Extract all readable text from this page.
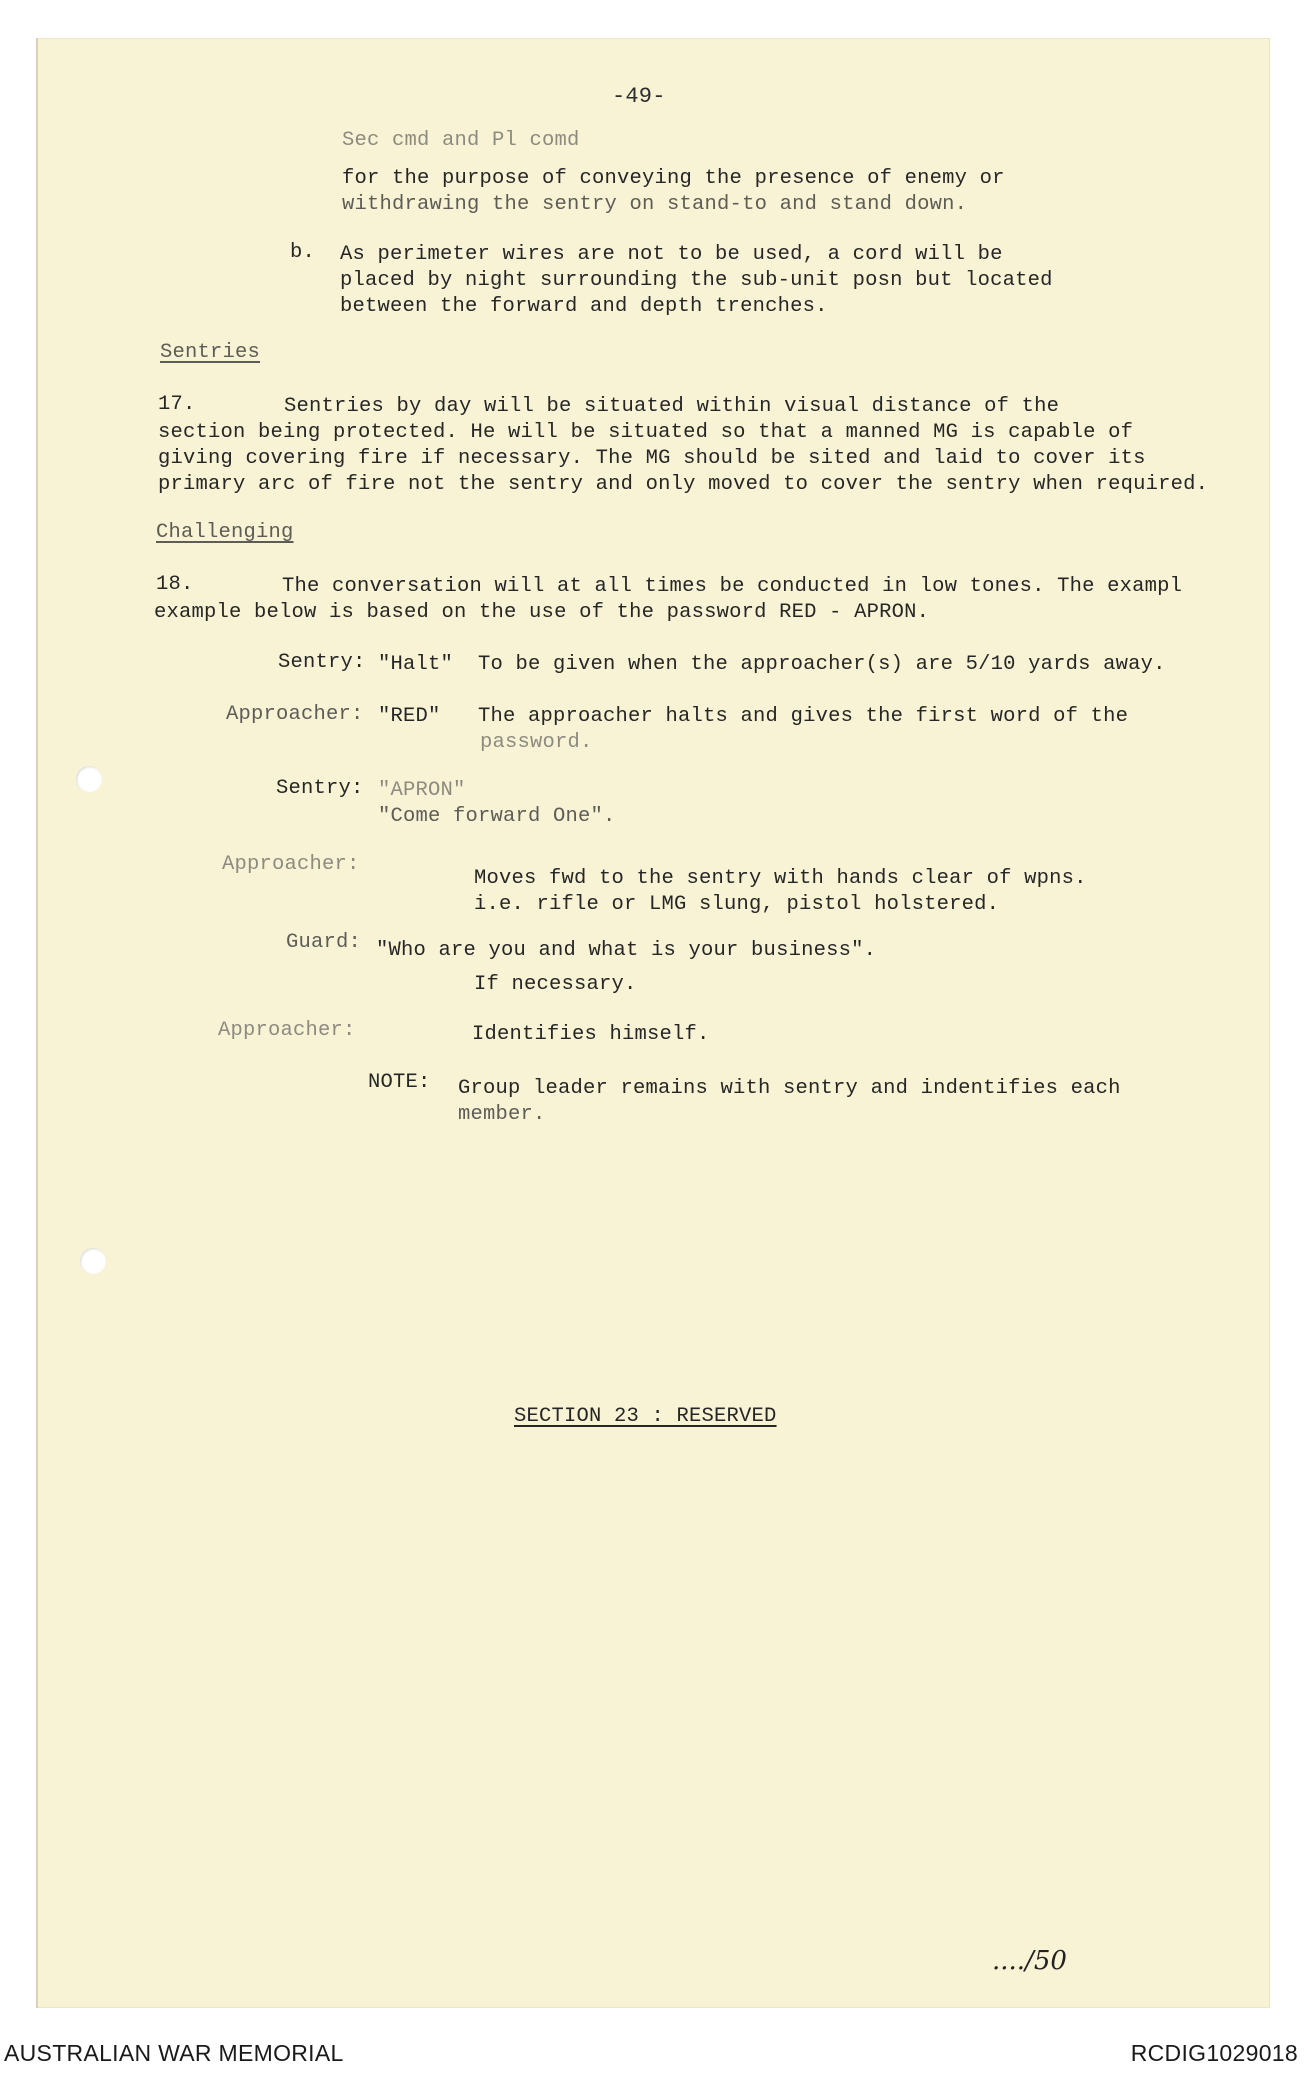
-49-
Sec cmd and Pl comd
for the purpose of conveying the presence of enemy or
withdrawing the sentry on stand-to and stand down.
b. As perimeter wires are not to be used, a cord will be
placed by night surrounding the sub-unit posn but located
between the forward and depth trenches.
Sentries
17.	Sentries by day will be situated within visual distance of the
section being protected. He will be situated so that a manned MG is capable of
giving covering fire if necessary. The MG should be sited and laid to cover its
primary arc of fire not the sentry and only moved to cover the sentry when required.
Challenging
18.	The conversation will at all times be conducted in low tones. The exampl
example below is based on the use of the password RED - APRON.
Sentry: "Halt"  To be given when the approacher(s) are 5/10 yards away.
Approacher: "RED"   The approacher halts and gives the first word of the
password.
Sentry: "APRON"
"Come forward One".
Approacher:
Moves fwd to the sentry with hands clear of wpns.
i.e. rifle or LMG slung, pistol holstered.
Guard: "Who are you and what is your business".
If necessary.
Approacher:	Identifies himself.
NOTE: Group leader remains with sentry and indentifies each
member.
SECTION 23 : RESERVED
..../50
AUSTRALIAN WAR MEMORIAL	RCDIG1029018
